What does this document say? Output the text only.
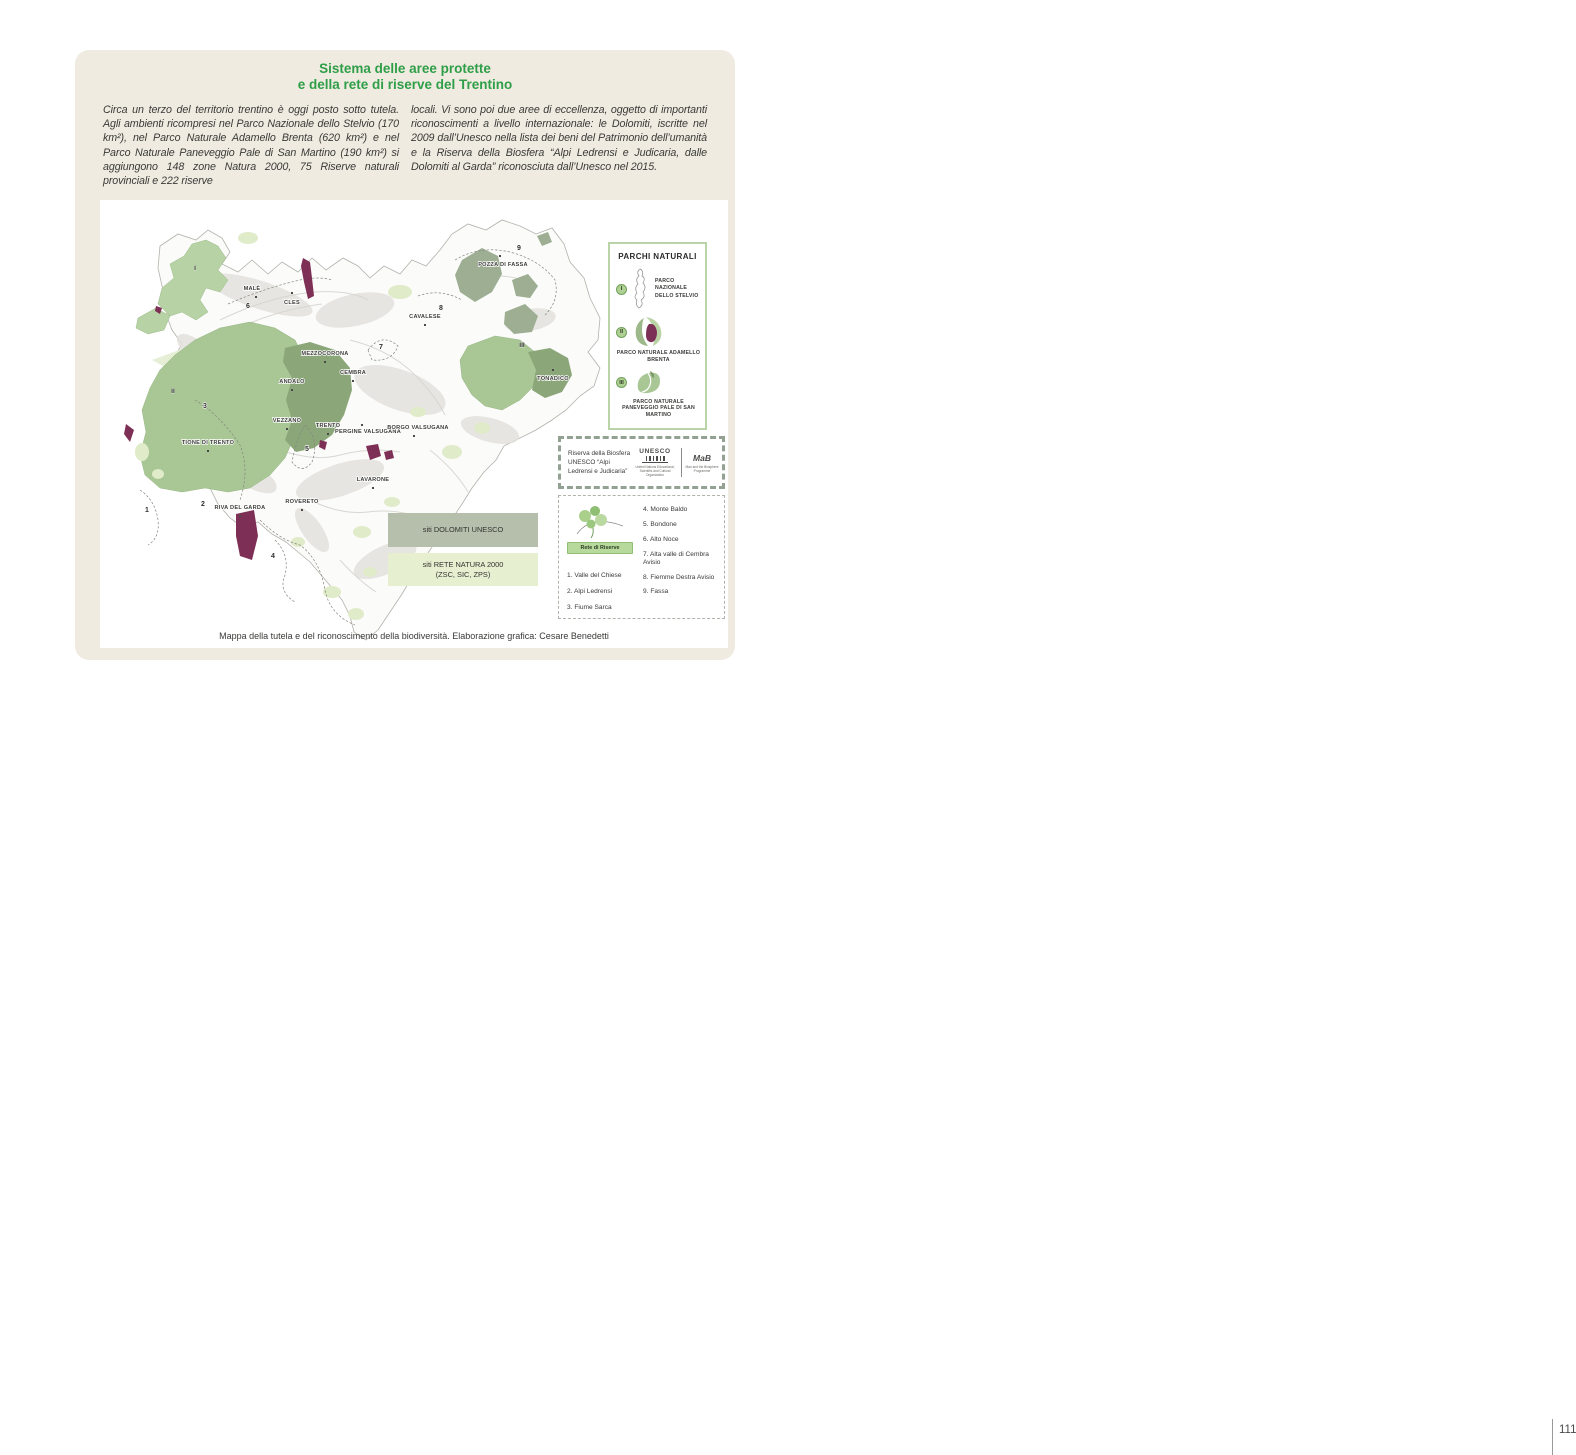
Sistema delle aree protette
e della rete di riserve del Trentino
Circa un terzo del territorio trentino è oggi posto sotto tutela. Agli ambienti ricompresi nel Parco Nazionale dello Stelvio (170 km²), nel Parco Naturale Adamello Brenta (620 km²) e nel Parco Naturale Paneveggio Pale di San Martino (190 km²) si aggiungono 148 zone Natura 2000, 75 Riserve naturali provinciali e 222 riserve
locali. Vi sono poi due aree di eccellenza, oggetto di importanti riconoscimenti a livello internazionale: le Dolomiti, iscritte nel 2009 dall’Unesco nella lista dei beni del Patrimonio dell’umanità e la Riserva della Biosfera “Alpi Ledrensi e Judicaria, dalle Dolomiti al Garda” riconosciuta dall’Unesco nel 2015.
MALÈ
CLES
CAVALESE
POZZA DI FASSA
MEZZOCORONA
CEMBRA
ANDALO	TONADICO
VEZZANO
TRENTO
PERGINE VALSUGANA
BORGO VALSUGANA
TIONE DI TRENTO
LAVARONE
ROVERETO
RIVA DEL GARDA
1
2
3
4
5
6
7
8
9
I
II
III
PARCHI NATURALI
I
PARCO NAZIONALE DELLO STELVIO
II
PARCO NATURALE ADAMELLO BRENTA
III
PARCO NATURALE PANEVEGGIO PALE DI SAN MARTINO
Riserva della Biosfera UNESCO “Alpi Ledrensi e Judicaria”
UNESCO
United Nations Educational, Scientific and Cultural Organization
MaB
Man and the Biosphere Programme
Rete di Riserve
1. Valle del Chiese
2. Alpi Ledrensi
3. Fiume Sarca
4. Monte Baldo
5. Bondone
6. Alto Noce
7. Alta valle di Cembra Avisio
8. Fiemme Destra Avisio
9. Fassa
siti DOLOMITI UNESCO
siti RETE NATURA 2000
(ZSC, SIC, ZPS)
Mappa della tutela e del riconoscimento della biodiversità. Elaborazione grafica: Cesare Benedetti
111
